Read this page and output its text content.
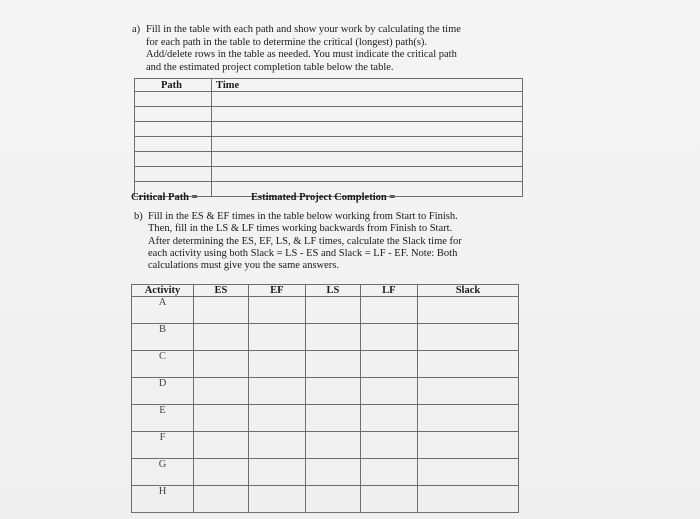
a) Fill in the table with each path and show your work by calculating the time

for each path in the table to determine the critical (longest) path(s).

Add/delete rows in the table as needed. You must indicate the critical path

and the estimated project completion table below the table.

Path	Time

Critical Path =	Estimated Project Completion =
b) Fill in the ES & EF times in the table below working from Start to Finish.

Then, fill in the LS & LF times working backwards from Finish to Start.

After determining the ES, EF, LS, & LF times, calculate the Slack time for

each activity using both Slack = LS - ES and Slack = LF - EF. Note: Both

calculations must give you the same answers.

Activity	ES	EF	LS	LF	Slack
A					
B					
C					
D					
E					
F					
G					
H					
